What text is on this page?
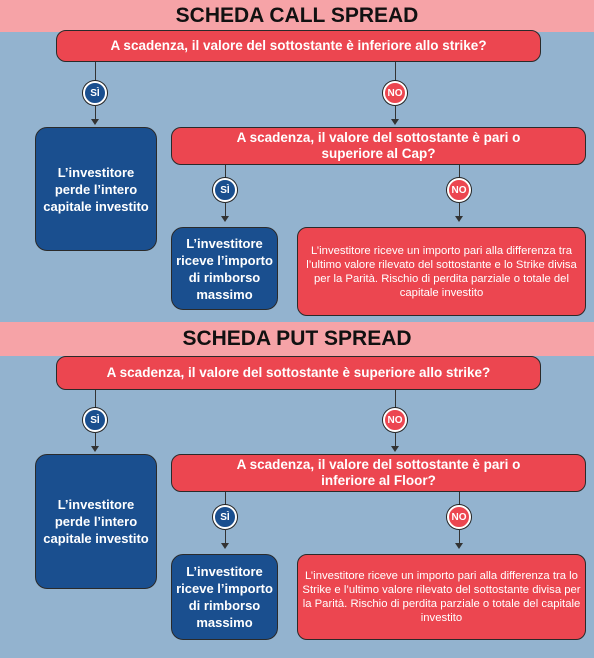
SCHEDA CALL SPREAD
A scadenza, il valore del sottostante è inferiore allo strike?
SÌ
L’investitore perde l’intero capitale investito
NO
A scadenza, il valore del sottostante è pari o superiore al Cap?
SÌ
L’investitore riceve l’importo di rimborso massimo
NO
L’investitore riceve un importo pari alla differenza tra l’ultimo valore rilevato del sottostante e lo Strike divisa per la Parità. Rischio di perdita parziale o totale del capitale investito
SCHEDA PUT SPREAD
A scadenza, il valore del sottostante è superiore allo strike?
SÌ
L’investitore perde l’intero capitale investito
NO
A scadenza, il valore del sottostante è pari o inferiore al Floor?
SÌ
L’investitore riceve l’importo di rimborso massimo
NO
L’investitore riceve un importo pari alla differenza tra lo Strike e l’ultimo valore rilevato del sottostante divisa per la Parità. Rischio di perdita parziale o totale del capitale investito
